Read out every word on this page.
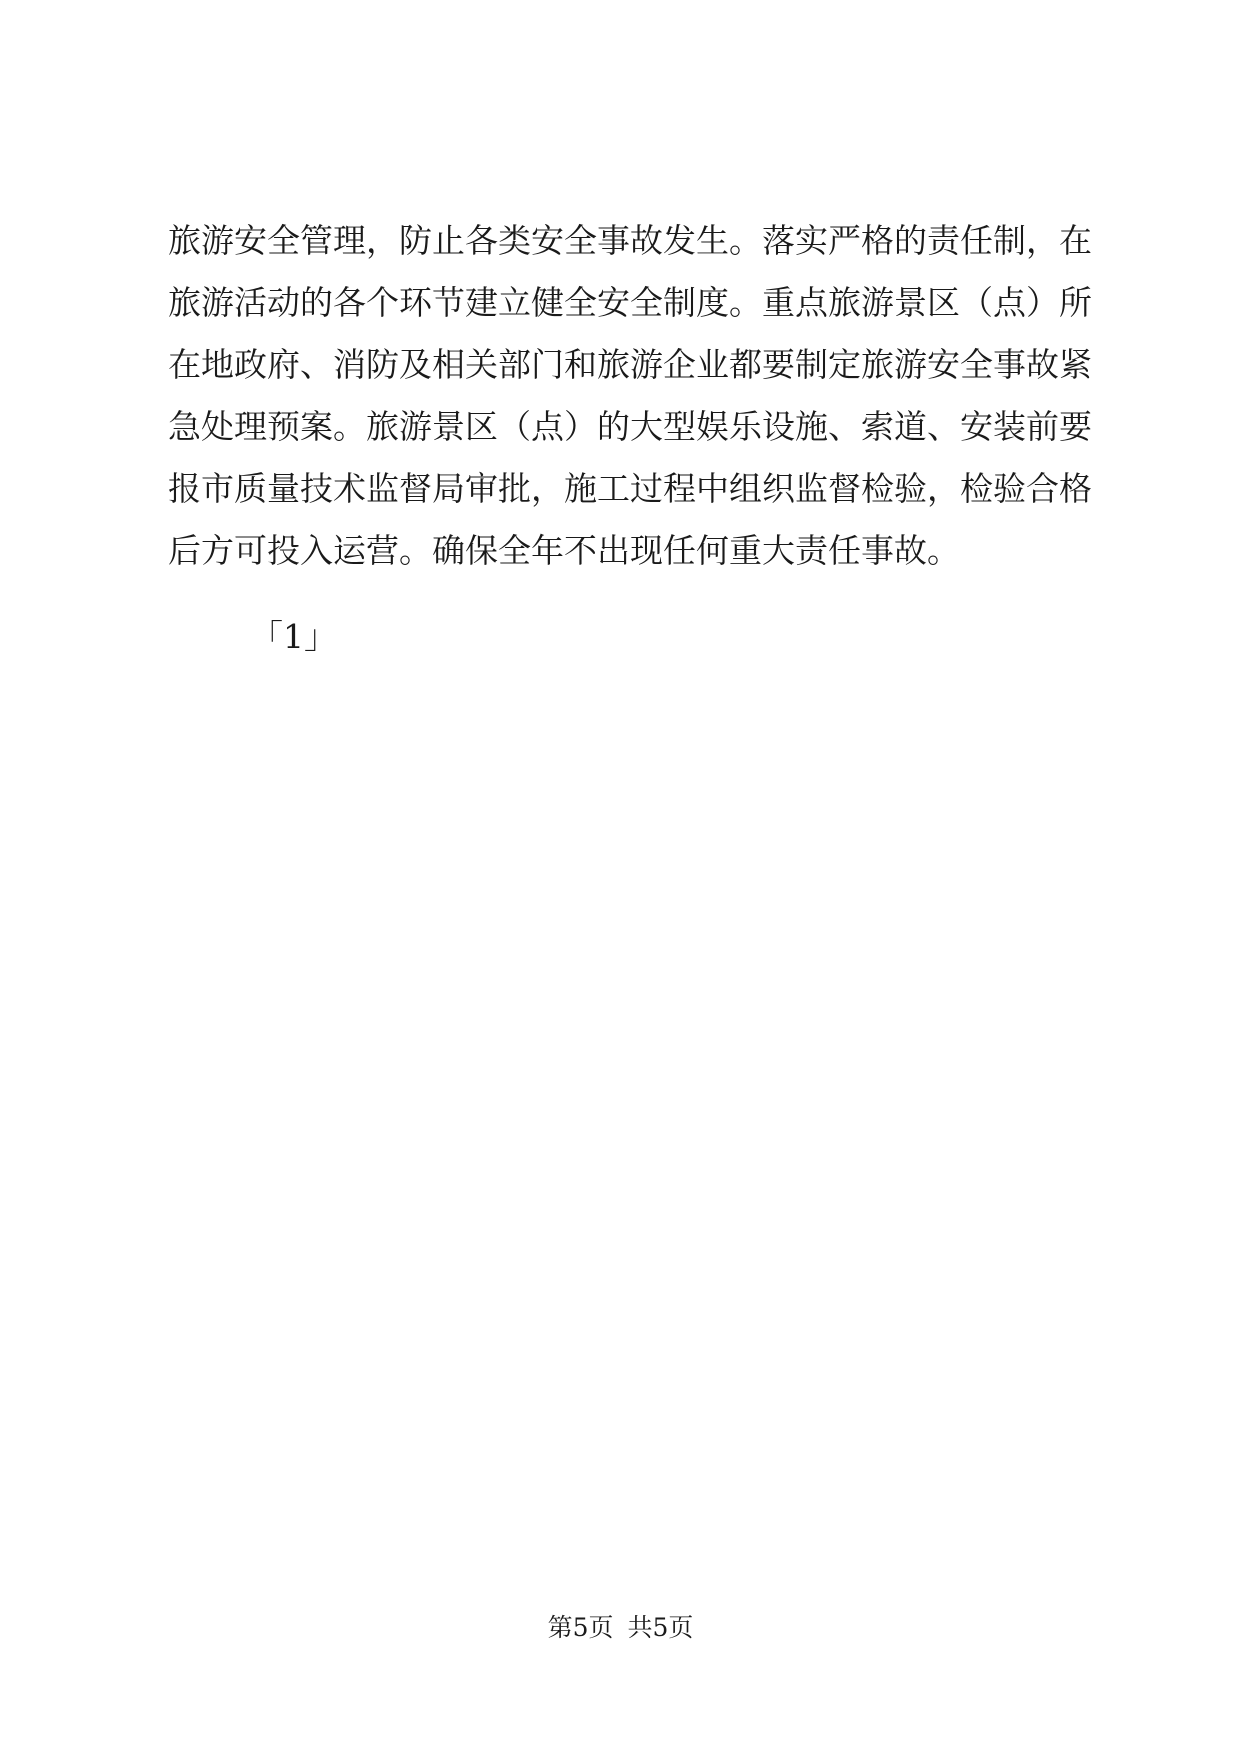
旅游安全管理，防止各类安全事故发生。落实严格的责任制，在
旅游活动的各个环节建立健全安全制度。重点旅游景区（点）所
在地政府、消防及相关部门和旅游企业都要制定旅游安全事故紧
急处理预案。旅游景区（点）的大型娱乐设施、索道、安装前要
报市质量技术监督局审批，施工过程中组织监督检验，检验合格
后方可投入运营。确保全年不出现任何重大责任事故。
「1」
第5页 共5页
